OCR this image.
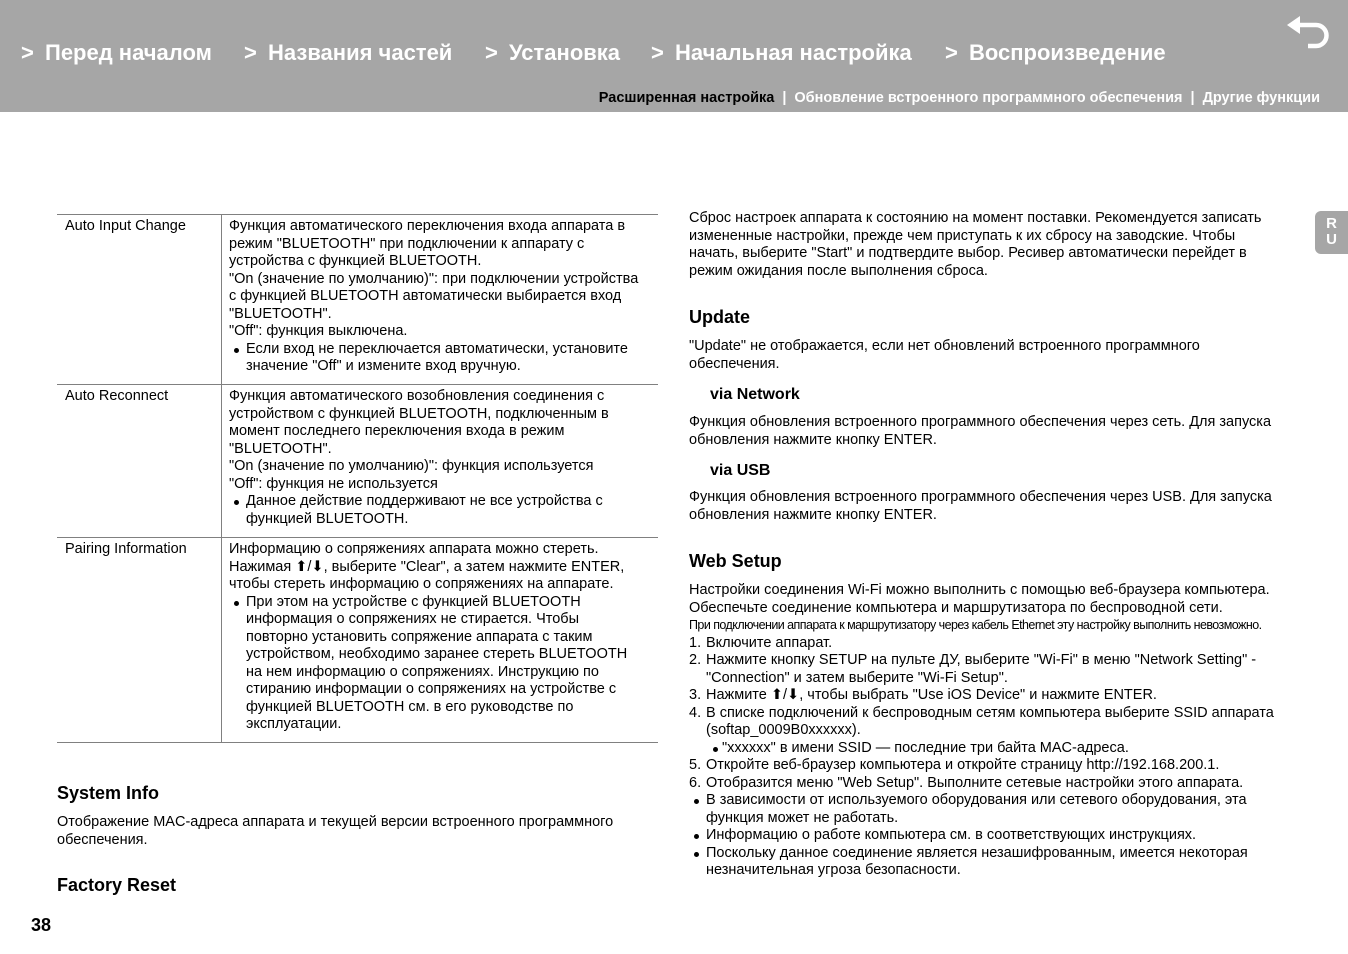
> Перед началом > Названия частей > Установка > Начальная настройка > Воспроизведение
Расширенная настройка | Обновление встроенного программного обеспечения | Другие функции
R
U
Auto Input Change	Функция автоматического переключения входа аппарата в
режим "BLUETOOTH" при подключении к аппарату с
устройства с функцией BLUETOOTH.
"On (значение по умолчанию)": при подключении устройства
с функцией BLUETOOTH автоматически выбирается вход
"BLUETOOTH".
"Off": функция выключена.
Если вход не переключается автоматически, установите
значение "Off" и измените вход вручную.
Auto Reconnect	Функция автоматического возобновления соединения с
устройством с функцией BLUETOOTH, подключенным в
момент последнего переключения входа в режим
"BLUETOOTH".
"On (значение по умолчанию)": функция используется
"Off": функция не используется
Данное действие поддерживают не все устройства с
функцией BLUETOOTH.
Pairing Information	Информацию о сопряжениях аппарата можно стереть.
Нажимая ⬆/⬇, выберите "Clear", а затем нажмите ENTER,
чтобы стереть информацию о сопряжениях на аппарате.
При этом на устройстве с функцией BLUETOOTH
информация о сопряжениях не стирается. Чтобы
повторно установить сопряжение аппарата с таким
устройством, необходимо заранее стереть BLUETOOTH
на нем информацию о сопряжениях. Инструкцию по
стиранию информации о сопряжениях на устройстве с
функцией BLUETOOTH см. в его руководстве по
эксплуатации.
System Info
Отображение MAC-адреса аппарата и текущей версии встроенного программного
обеспечения.
Factory Reset
38
Сброс настроек аппарата к состоянию на момент поставки. Рекомендуется записать
измененные настройки, прежде чем приступать к их сбросу на заводские. Чтобы
начать, выберите "Start" и подтвердите выбор. Ресивер автоматически перейдет в
режим ожидания после выполнения сброса.
Update
"Update" не отображается, если нет обновлений встроенного программного
обеспечения.
via Network
Функция обновления встроенного программного обеспечения через сеть. Для запуска
обновления нажмите кнопку ENTER.
via USB
Функция обновления встроенного программного обеспечения через USB. Для запуска
обновления нажмите кнопку ENTER.
Web Setup
Настройки соединения Wi-Fi можно выполнить с помощью веб-браузера компьютера.
Обеспечьте соединение компьютера и маршрутизатора по беспроводной сети.
При подключении аппарата к маршрутизатору через кабель Ethernet эту настройку выполнить невозможно.
1. Включите аппарат.
2. Нажмите кнопку SETUP на пульте ДУ, выберите "Wi-Fi" в меню "Network Setting" -
"Connection" и затем выберите "Wi-Fi Setup".
3. Нажмите ⬆/⬇, чтобы выбрать "Use iOS Device" и нажмите ENTER.
4. В списке подключений к беспроводным сетям компьютера выберите SSID аппарата
(softap_0009B0xxxxxx).
"xxxxxx" в имени SSID — последние три байта MAC-адреса.
5. Откройте веб-браузер компьютера и откройте страницу http://192.168.200.1.
6. Отобразится меню "Web Setup". Выполните сетевые настройки этого аппарата.
В зависимости от используемого оборудования или сетевого оборудования, эта
функция может не работать.
Информацию о работе компьютера см. в соответствующих инструкциях.
Поскольку данное соединение является незашифрованным, имеется некоторая
незначительная угроза безопасности.
